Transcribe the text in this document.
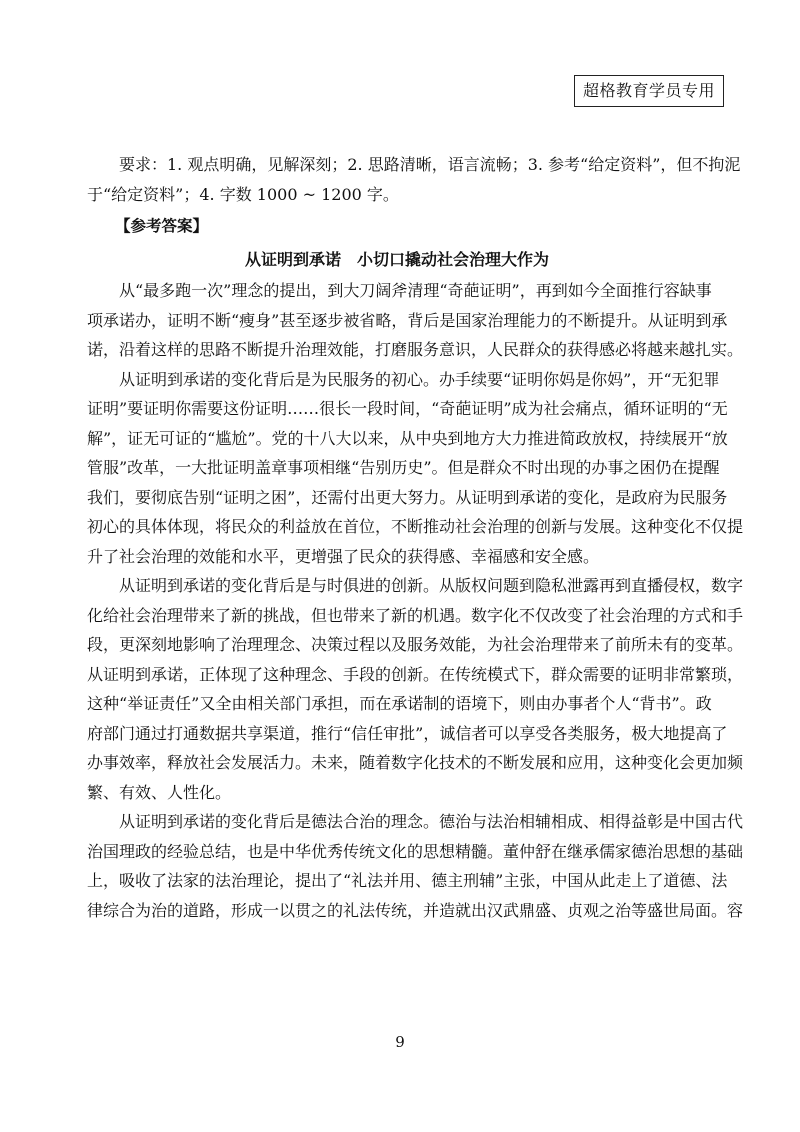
超格教育学员专用
要求：1. 观点明确，见解深刻；2. 思路清晰，语言流畅；3. 参考“给定资料”，但不拘泥
于“给定资料”；4. 字数 1000 ~ 1200 字。
【参考答案】
从证明到承诺　小切口撬动社会治理大作为
从“最多跑一次”理念的提出，到大刀阔斧清理“奇葩证明”，再到如今全面推行容缺事
项承诺办，证明不断“瘦身”甚至逐步被省略，背后是国家治理能力的不断提升。从证明到承
诺，沿着这样的思路不断提升治理效能，打磨服务意识，人民群众的获得感必将越来越扎实。
从证明到承诺的变化背后是为民服务的初心。办手续要“证明你妈是你妈”，开“无犯罪
证明”要证明你需要这份证明……很长一段时间，“奇葩证明”成为社会痛点，循环证明的“无
解”，证无可证的“尴尬”。党的十八大以来，从中央到地方大力推进简政放权，持续展开“放
管服”改革，一大批证明盖章事项相继“告别历史”。但是群众不时出现的办事之困仍在提醒
我们，要彻底告别“证明之困”，还需付出更大努力。从证明到承诺的变化，是政府为民服务
初心的具体体现，将民众的利益放在首位，不断推动社会治理的创新与发展。这种变化不仅提
升了社会治理的效能和水平，更增强了民众的获得感、幸福感和安全感。
从证明到承诺的变化背后是与时俱进的创新。从版权问题到隐私泄露再到直播侵权，数字
化给社会治理带来了新的挑战，但也带来了新的机遇。数字化不仅改变了社会治理的方式和手
段，更深刻地影响了治理理念、决策过程以及服务效能，为社会治理带来了前所未有的变革。
从证明到承诺，正体现了这种理念、手段的创新。在传统模式下，群众需要的证明非常繁琐，
这种“举证责任”又全由相关部门承担，而在承诺制的语境下，则由办事者个人“背书”。政
府部门通过打通数据共享渠道，推行“信任审批”，诚信者可以享受各类服务，极大地提高了
办事效率，释放社会发展活力。未来，随着数字化技术的不断发展和应用，这种变化会更加频
繁、有效、人性化。
从证明到承诺的变化背后是德法合治的理念。德治与法治相辅相成、相得益彰是中国古代
治国理政的经验总结，也是中华优秀传统文化的思想精髓。董仲舒在继承儒家德治思想的基础
上，吸收了法家的法治理论，提出了“礼法并用、德主刑辅”主张，中国从此走上了道德、法
律综合为治的道路，形成一以贯之的礼法传统，并造就出汉武鼎盛、贞观之治等盛世局面。容
9
